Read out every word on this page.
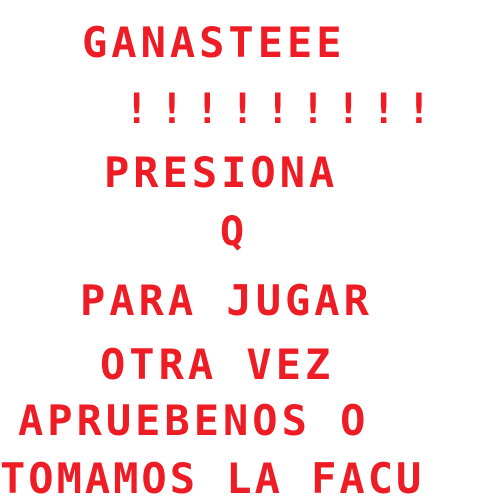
GANASTEEE
!!!!!!!!!
PRESIONA
Q
PARA JUGAR
OTRA VEZ
APRUEBENOS O
TOMAMOS LA FACU
